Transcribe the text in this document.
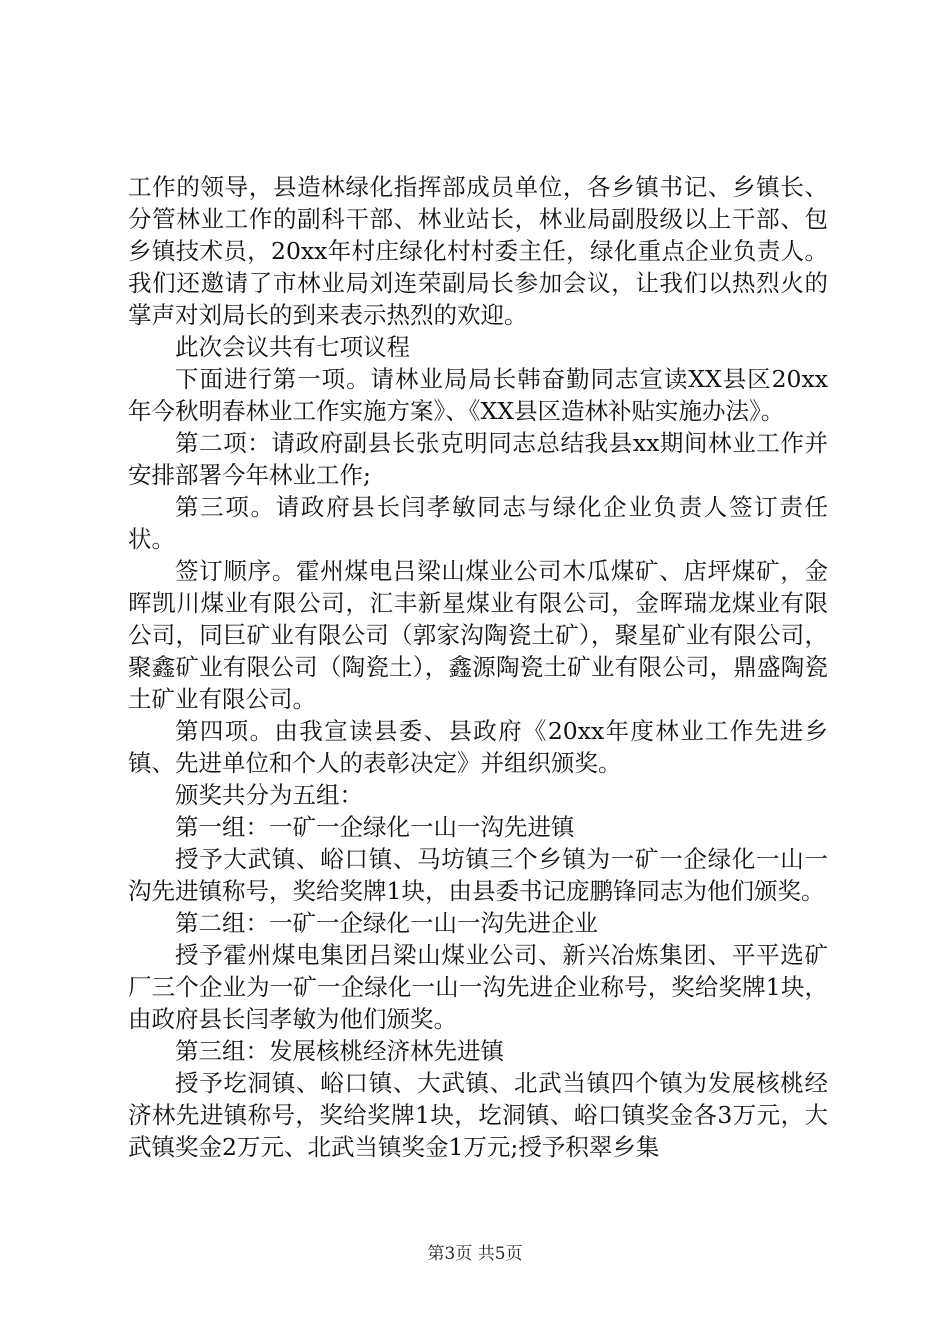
工作的领导，县造林绿化指挥部成员单位，各乡镇书记、乡镇长、分管林业工作的副科干部、林业站长，林业局副股级以上干部、包乡镇技术员，20xx年村庄绿化村村委主任，绿化重点企业负责人。我们还邀请了市林业局刘连荣副局长参加会议，让我们以热烈火的掌声对刘局长的到来表示热烈的欢迎。

此次会议共有七项议程

下面进行第一项。请林业局局长韩奋勤同志宣读XX县区20xx年今秋明春林业工作实施方案》、《XX县区造林补贴实施办法》。

第二项：请政府副县长张克明同志总结我县xx期间林业工作并安排部署今年林业工作;

第三项。请政府县长闫孝敏同志与绿化企业负责人签订责任状。

签订顺序。霍州煤电吕梁山煤业公司木瓜煤矿、店坪煤矿，金晖凯川煤业有限公司，汇丰新星煤业有限公司，金晖瑞龙煤业有限公司，同巨矿业有限公司（郭家沟陶瓷土矿），聚星矿业有限公司，聚鑫矿业有限公司（陶瓷土），鑫源陶瓷土矿业有限公司，鼎盛陶瓷土矿业有限公司。

第四项。由我宣读县委、县政府《20xx年度林业工作先进乡镇、先进单位和个人的表彰决定》并组织颁奖。

颁奖共分为五组：

第一组：一矿一企绿化一山一沟先进镇

授予大武镇、峪口镇、马坊镇三个乡镇为一矿一企绿化一山一沟先进镇称号，奖给奖牌1块，由县委书记庞鹏锋同志为他们颁奖。

第二组：一矿一企绿化一山一沟先进企业

授予霍州煤电集团吕梁山煤业公司、新兴冶炼集团、平平选矿厂三个企业为一矿一企绿化一山一沟先进企业称号，奖给奖牌1块，由政府县长闫孝敏为他们颁奖。

第三组：发展核桃经济林先进镇

授予圪洞镇、峪口镇、大武镇、北武当镇四个镇为发展核桃经济林先进镇称号，奖给奖牌1块，圪洞镇、峪口镇奖金各3万元，大武镇奖金2万元、北武当镇奖金1万元;授予积翠乡集

第3页 共5页
